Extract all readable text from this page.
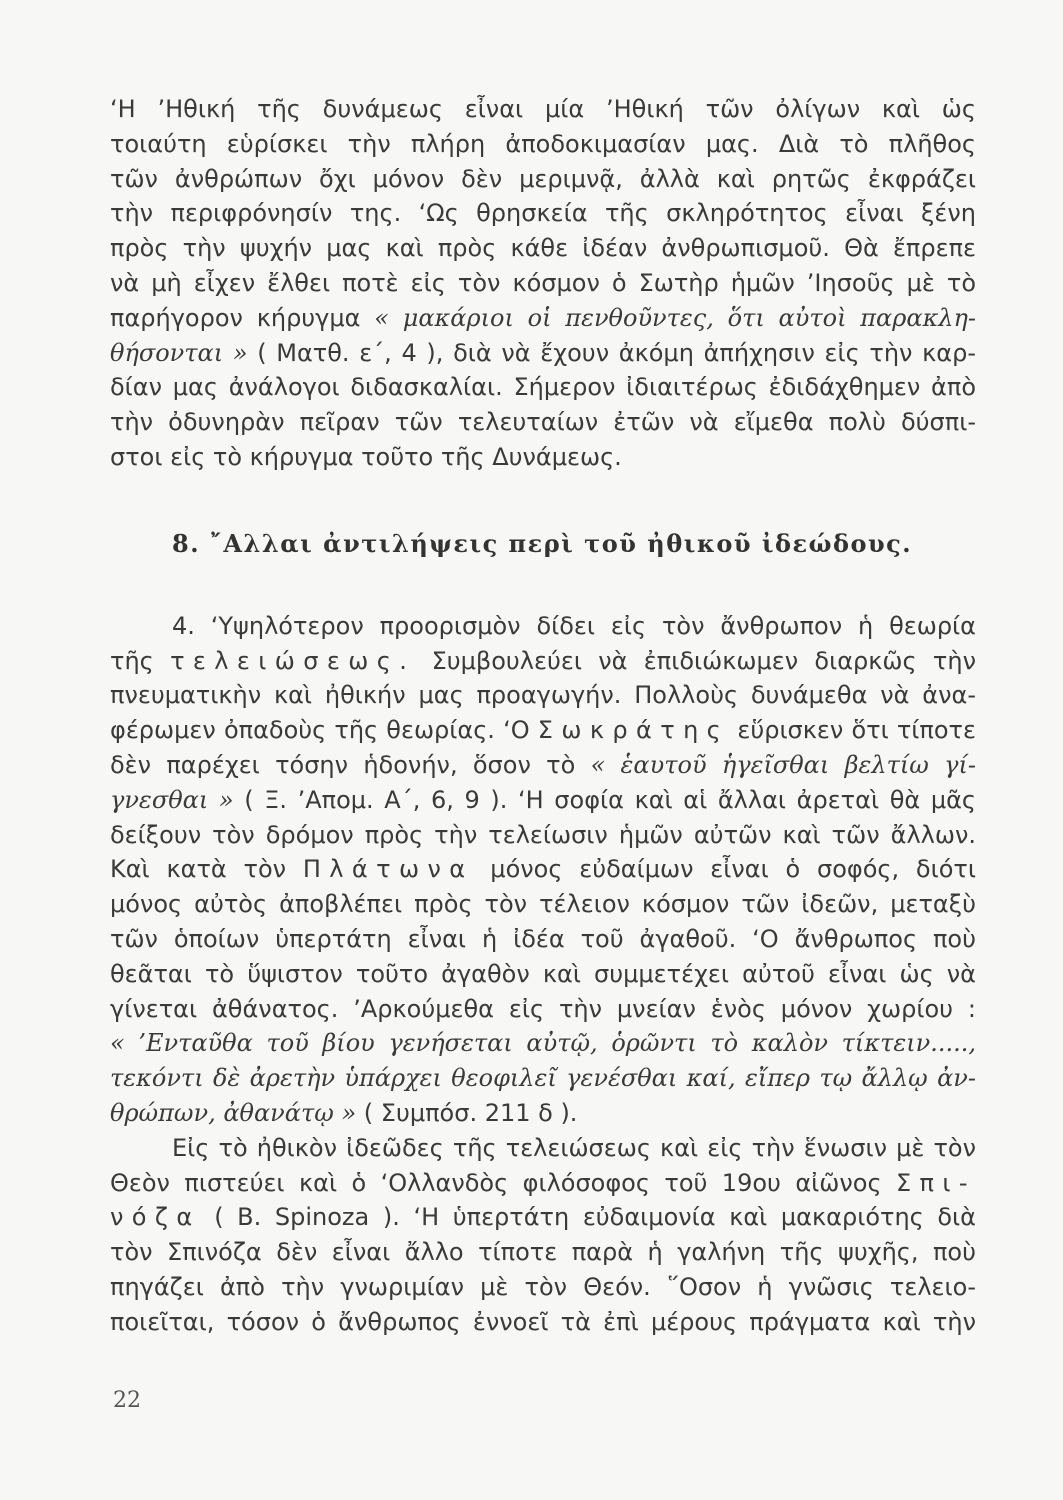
‘Η ’Ηθική τῆς δυνάμεως εἶναι μία ’Ηθική τῶν ὀλίγων καὶ ὡς
τοιαύτη εὑρίσκει τὴν πλήρη ἀποδοκιμασίαν μας. Διὰ τὸ πλῆθος
τῶν ἀνθρώπων ὄχι μόνον δὲν μεριμνᾷ, ἀλλὰ καὶ ρητῶς ἐκφράζει
τὴν περιφρόνησίν της. ‘Ως θρησκεία τῆς σκληρότητος εἶναι ξένη
πρὸς τὴν ψυχήν μας καὶ πρὸς κάθε ἰδέαν ἀνθρωπισμοῦ. Θὰ ἔπρεπε
νὰ μὴ εἶχεν ἔλθει ποτὲ εἰς τὸν κόσμον ὁ Σωτὴρ ἡμῶν ’Ιησοῦς μὲ τὸ
παρήγορον κήρυγμα « μακάριοι οἱ πενθοῦντες, ὅτι αὐτοὶ παρακλη-
θήσονται » ( Ματθ. ε΄, 4 ), διὰ νὰ ἔχουν ἀκόμη ἀπήχησιν εἰς τὴν καρ-
δίαν μας ἀνάλογοι διδασκαλίαι. Σήμερον ἰδιαιτέρως ἐδιδάχθημεν ἀπὸ
τὴν ὀδυνηρὰν πεῖραν τῶν τελευταίων ἐτῶν νὰ εἴμεθα πολὺ δύσπι-
στοι εἰς τὸ κήρυγμα τοῦτο τῆς Δυνάμεως.
8. ῎Αλλαι ἀντιλήψεις περὶ τοῦ ἠθικοῦ ἰδεώδους.
4. ‘Υψηλότερον προορισμὸν δίδει εἰς τὸν ἄνθρωπον ἡ θεωρία
τῆς τελειώσεως. Συμβουλεύει νὰ ἐπιδιώκωμεν διαρκῶς τὴν
πνευματικὴν καὶ ἠθικήν μας προαγωγήν. Πολλοὺς δυνάμεθα νὰ ἀνα-
φέρωμεν ὀπαδοὺς τῆς θεωρίας. ‘Ο Σωκράτης εὕρισκεν ὅτι τίποτε
δὲν παρέχει τόσην ἡδονήν, ὅσον τὸ « ἑαυτοῦ ἡγεῖσθαι βελτίω γί-
γνεσθαι » ( Ξ. ’Απομ. Α΄, 6, 9 ). ‘Η σοφία καὶ αἱ ἄλλαι ἀρεταὶ θὰ μᾶς
δείξουν τὸν δρόμον πρὸς τὴν τελείωσιν ἡμῶν αὐτῶν καὶ τῶν ἄλλων.
Καὶ κατὰ τὸν Πλάτωνα μόνος εὐδαίμων εἶναι ὁ σοφός, διότι
μόνος αὐτὸς ἀποβλέπει πρὸς τὸν τέλειον κόσμον τῶν ἰδεῶν, μεταξὺ
τῶν ὁποίων ὑπερτάτη εἶναι ἡ ἰδέα τοῦ ἀγαθοῦ. ‘Ο ἄνθρωπος ποὺ
θεᾶται τὸ ὕψιστον τοῦτο ἀγαθὸν καὶ συμμετέχει αὐτοῦ εἶναι ὡς νὰ
γίνεται ἀθάνατος. ’Αρκούμεθα εἰς τὴν μνείαν ἑνὸς μόνον χωρίου :
« ’Ενταῦθα τοῦ βίου γενήσεται αὐτῷ, ὁρῶντι τὸ καλὸν τίκτειν.....,
τεκόντι δὲ ἀρετὴν ὑπάρχει θεοφιλεῖ γενέσθαι καί, εἴπερ τῳ ἄλλῳ ἀν-
θρώπων, ἀθανάτῳ » ( Συμπόσ. 211 δ ).
Εἰς τὸ ἠθικὸν ἰδεῶδες τῆς τελειώσεως καὶ εἰς τὴν ἕνωσιν μὲ τὸν
Θεὸν πιστεύει καὶ ὁ ‘Ολλανδὸς φιλόσοφος τοῦ 19ου αἰῶνος Σπι-
νόζα ( B. Spinoza ). ‘Η ὑπερτάτη εὐδαιμονία καὶ μακαριότης διὰ
τὸν Σπινόζα δὲν εἶναι ἄλλο τίποτε παρὰ ἡ γαλήνη τῆς ψυχῆς, ποὺ
πηγάζει ἀπὸ τὴν γνωριμίαν μὲ τὸν Θεόν. ῞Οσον ἡ γνῶσις τελειο-
ποιεῖται, τόσον ὁ ἄνθρωπος ἐννοεῖ τὰ ἐπὶ μέρους πράγματα καὶ τὴν
22
